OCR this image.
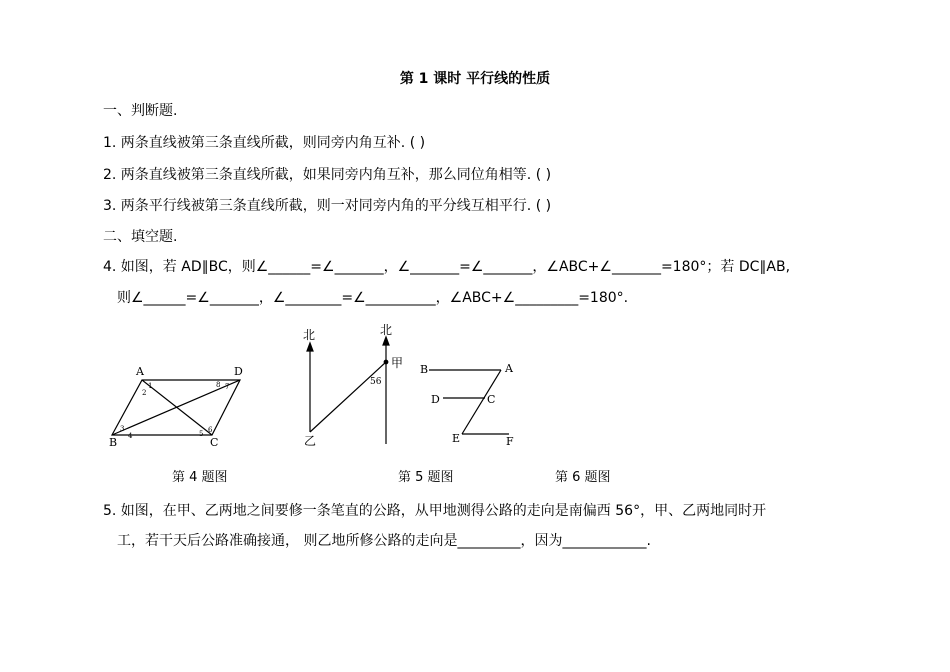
第 1 课时 平行线的性质
一、判断题.
1. 两条直线被第三条直线所截，则同旁内角互补. ( )
2. 两条直线被第三条直线所截，如果同旁内角互补，那么同位角相等. ( )
3. 两条平行线被第三条直线所截，则一对同旁内角的平分线互相平行. ( )
二、填空题.
4. 如图，若 AD∥BC，则∠______=∠_______，∠_______=∠_______，∠ABC+∠_______=180°；若 DC∥AB,
则∠______=∠_______，∠________=∠__________，∠ABC+∠_________=180°.
A	D
B	C
1
2
3
4	5 6
7
8
北	北
甲
乙
56
B	A
D	C
E	F
第 4 题图	第 5 题图	第 6 题图
5. 如图，在甲、乙两地之间要修一条笔直的公路，从甲地测得公路的走向是南偏西 56°，甲、乙两地同时开
工，若干天后公路准确接通， 则乙地所修公路的走向是_________，因为____________.
